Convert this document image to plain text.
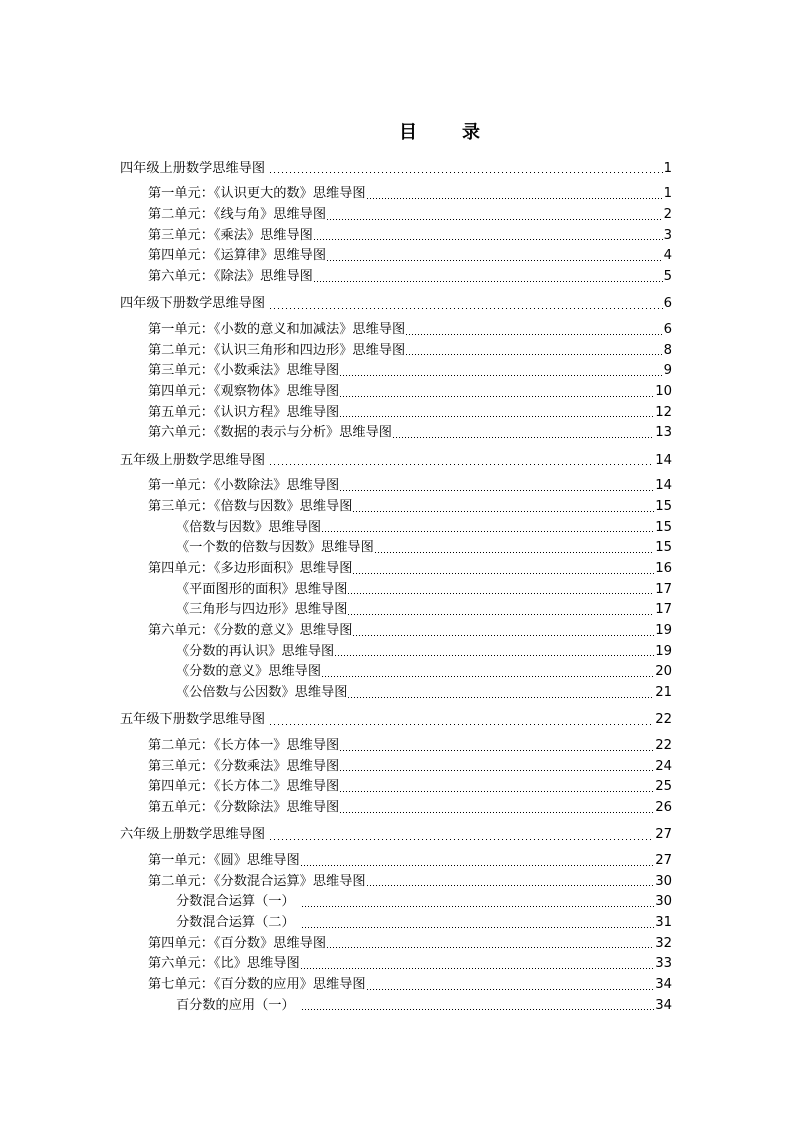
目　录
四年级上册数学思维导图	1
第一单元：《认识更大的数》思维导图	1
第二单元：《线与角》思维导图	2
第三单元：《乘法》思维导图	3
第四单元：《运算律》思维导图	4
第六单元：《除法》思维导图	5
四年级下册数学思维导图	6
第一单元：《小数的意义和加减法》思维导图	6
第二单元：《认识三角形和四边形》思维导图	8
第三单元：《小数乘法》思维导图	9
第四单元：《观察物体》思维导图	10
第五单元：《认识方程》思维导图	12
第六单元：《数据的表示与分析》思维导图	13
五年级上册数学思维导图	14
第一单元：《小数除法》思维导图	14
第三单元：《倍数与因数》思维导图	15
《倍数与因数》思维导图	15
《一个数的倍数与因数》思维导图	15
第四单元：《多边形面积》思维导图	16
《平面图形的面积》思维导图	17
《三角形与四边形》思维导图	17
第六单元：《分数的意义》思维导图	19
《分数的再认识》思维导图	19
《分数的意义》思维导图	20
《公倍数与公因数》思维导图	21
五年级下册数学思维导图	22
第二单元：《长方体一》思维导图	22
第三单元：《分数乘法》思维导图	24
第四单元：《长方体二》思维导图	25
第五单元：《分数除法》思维导图	26
六年级上册数学思维导图	27
第一单元：《圆》思维导图	27
第二单元：《分数混合运算》思维导图	30
分数混合运算（一）	30
分数混合运算（二）	31
第四单元：《百分数》思维导图	32
第六单元：《比》思维导图	33
第七单元：《百分数的应用》思维导图	34
百分数的应用（一）	34
